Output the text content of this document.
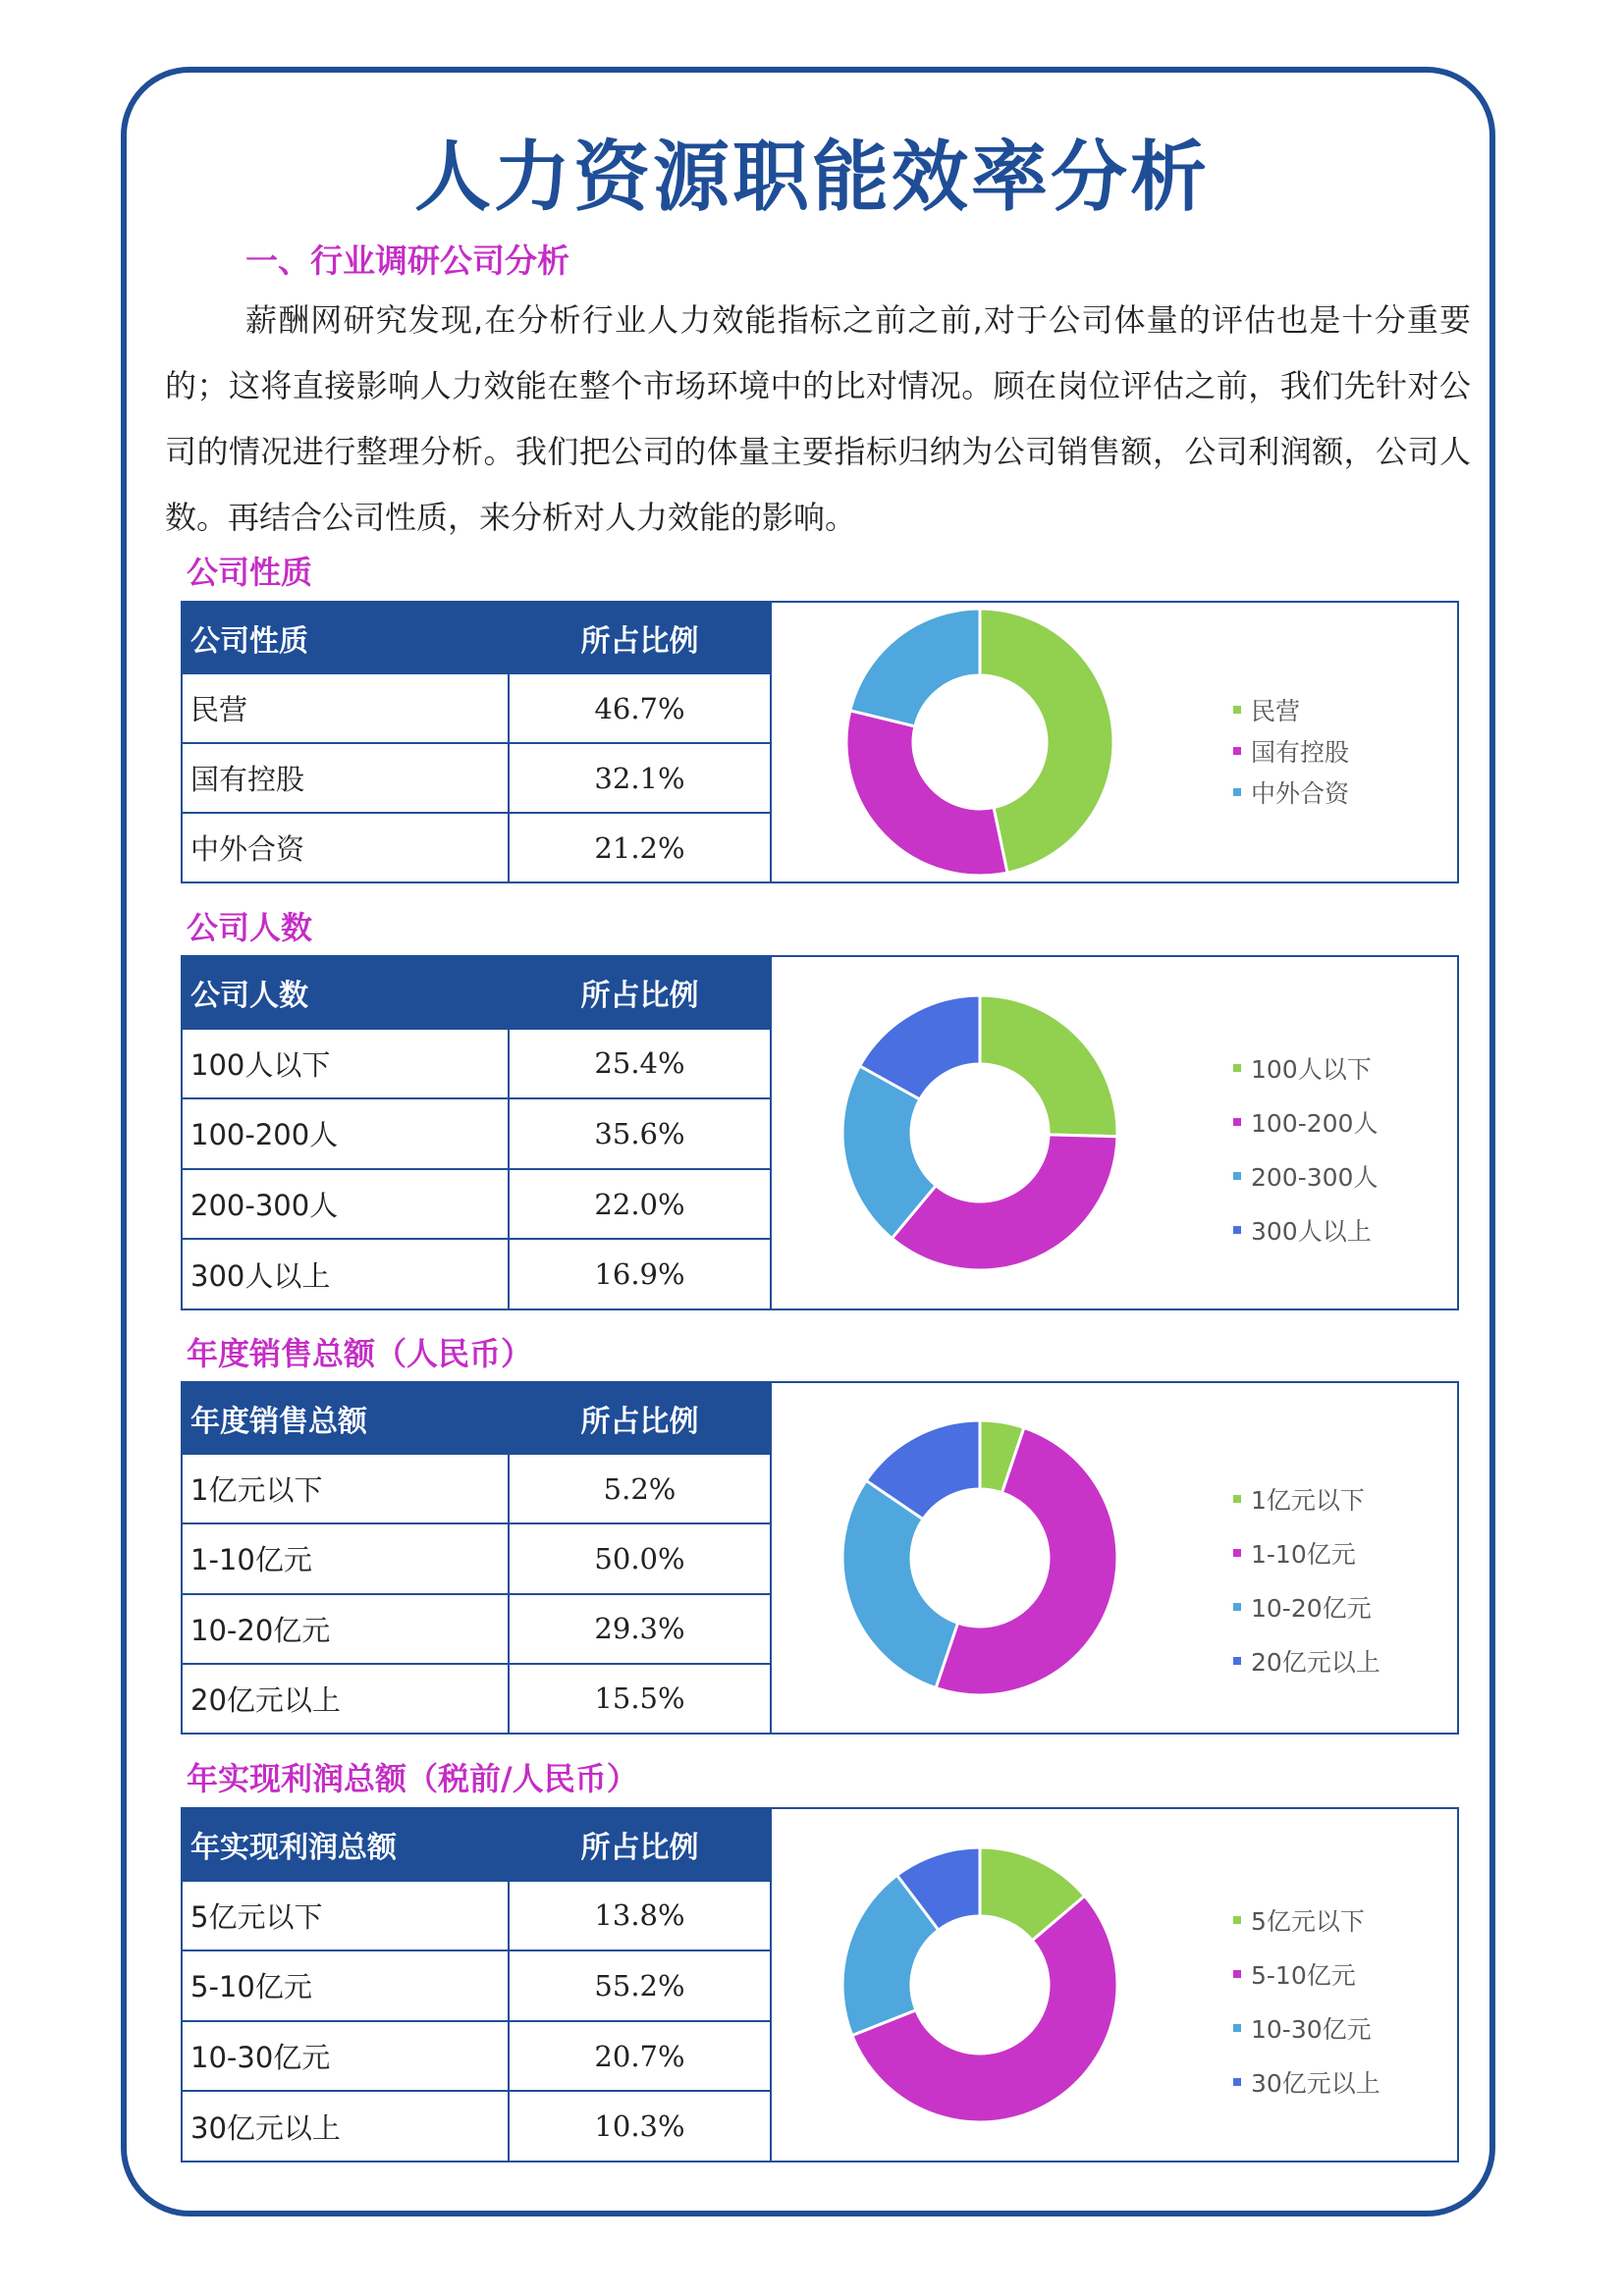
人力资源职能效率分析
一、行业调研公司分析
薪酬网研究发现,在分析行业人力效能指标之前之前,对于公司体量的评估也是十分重要的；这将直接影响人力效能在整个市场环境中的比对情况。顾在岗位评估之前，我们先针对公司的情况进行整理分析。我们把公司的体量主要指标归纳为公司销售额，公司利润额，公司人数。再结合公司性质，来分析对人力效能的影响。
公司性质
公司性质	所占比例
民营	46.7%
国有控股	32.1%
中外合资	21.2%
民营
国有控股
中外合资
公司人数
公司人数	所占比例
100人以下	25.4%
100-200人	35.6%
200-300人	22.0%
300人以上	16.9%
100人以下
100-200人
200-300人
300人以上
年度销售总额（人民币）
年度销售总额	所占比例
1亿元以下	5.2%
1-10亿元	50.0%
10-20亿元	29.3%
20亿元以上	15.5%
1亿元以下
1-10亿元
10-20亿元
20亿元以上
年实现利润总额（税前/人民币）
年实现利润总额	所占比例
5亿元以下	13.8%
5-10亿元	55.2%
10-30亿元	20.7%
30亿元以上	10.3%
5亿元以下
5-10亿元
10-30亿元
30亿元以上
